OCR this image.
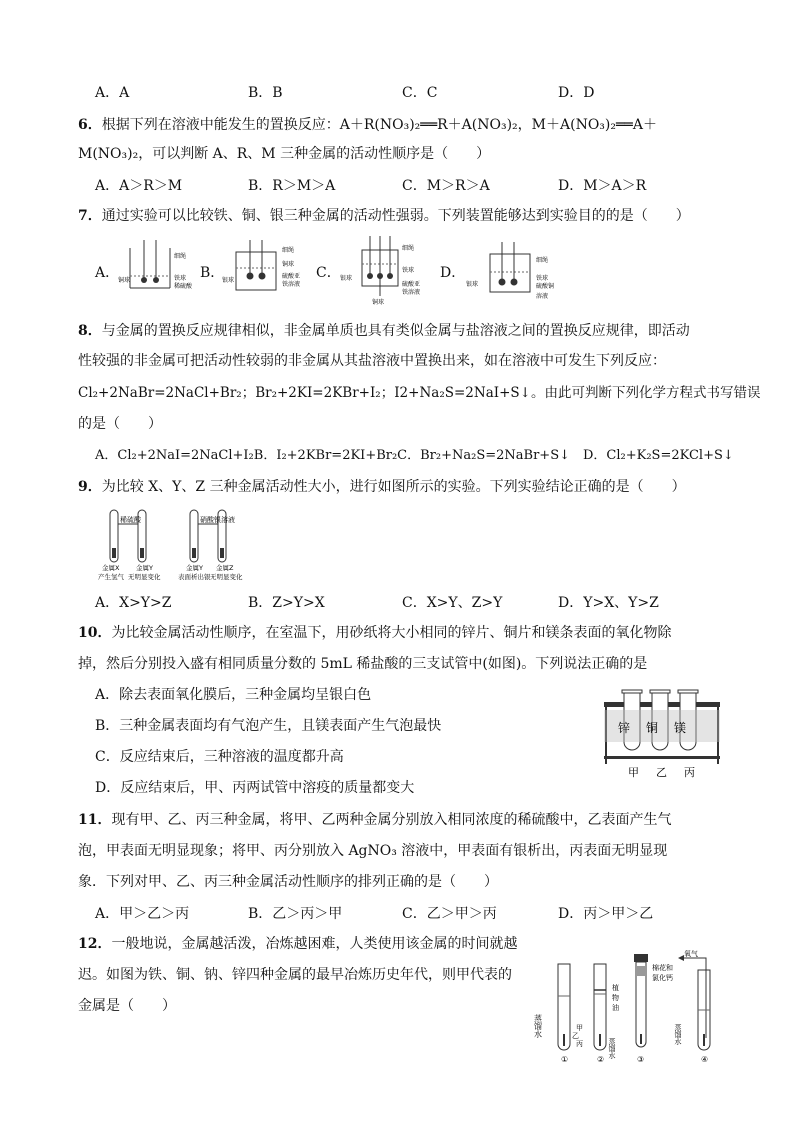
A．A	B．B	C．C	D．D
6．根据下列在溶液中能发生的置换反应：A＋R(NO₃)₂══R＋A(NO₃)₂，M＋A(NO₃)₂══A＋
M(NO₃)₂，可以判断 A、R、M 三种金属的活动性顺序是（　　）
A．A＞R＞M	B．R＞M＞A	C．M＞R＞A	D．M＞A＞R
7．通过实验可以比较铁、铜、银三种金属的活动性强弱。下列装置能够达到实验目的的是（　　）
A．	B．	C．	D．
细绳
铁球
稀硫酸
铜球
细绳
铜球
硫酸亚
铁溶液
银球
细绳
铁球
硫酸亚
铁溶液
银球
铜球
细绳
铁球
硫酸铜
溶液
银球
8．与金属的置换反应规律相似，非金属单质也具有类似金属与盐溶液之间的置换反应规律，即活动
性较强的非金属可把活动性较弱的非金属从其盐溶液中置换出来，如在溶液中可发生下列反应：
Cl₂+2NaBr=2NaCl+Br₂；Br₂+2KI=2KBr+I₂；I2+Na₂S=2NaI+S↓。由此可判断下列化学方程式书写错误
的是（　　）
A．Cl₂+2NaI=2NaCl+I₂B．I₂+2KBr=2KI+Br₂C．Br₂+Na₂S=2NaBr+S↓　D．Cl₂+K₂S=2KCl+S↓
9．为比较 X、Y、Z 三种金属活动性大小，进行如图所示的实验。下列实验结论正确的是（　　）
稀硫酸	硝酸银溶液
金属X
产生氢气
金属Y
无明显变化
金属Y
表面析出银
金属Z
无明显变化
A．X>Y>Z	B．Z>Y>X	C．X>Y、Z>Y	D．Y>X、Y>Z
10．为比较金属活动性顺序，在室温下，用砂纸将大小相同的锌片、铜片和镁条表面的氧化物除
掉，然后分别投入盛有相同质量分数的 5mL 稀盐酸的三支试管中(如图)。下列说法正确的是
A．除去表面氧化膜后，三种金属均呈银白色
B．三种金属表面均有气泡产生，且镁表面产生气泡最快
C．反应结束后，三种溶液的温度都升高
D．反应结束后，甲、丙两试管中溶疫的质量都变大
锌 铜 镁
甲 乙 丙
11．现有甲、乙、丙三种金属，将甲、乙两种金属分别放入相同浓度的稀硫酸中，乙表面产生气
泡，甲表面无明显现象；将甲、丙分别放入 AgNO₃ 溶液中，甲表面有银析出，丙表面无明显现
象．下列对甲、乙、丙三种金属活动性顺序的排列正确的是（　　）
A．甲＞乙＞丙	B．乙＞丙＞甲	C．乙＞甲＞丙	D．丙＞甲＞乙
12．一般地说，金属越活泼，冶炼越困难，人类使用该金属的时间就越
迟。如图为铁、铜、钠、锌四种金属的最早冶炼历史年代，则甲代表的
金属是（　　）
蒸馏水
①
甲
乙
丙
植
物
油
蒸馏水
②
棉花和
氯化钙
③
氧气
蒸馏水
④
